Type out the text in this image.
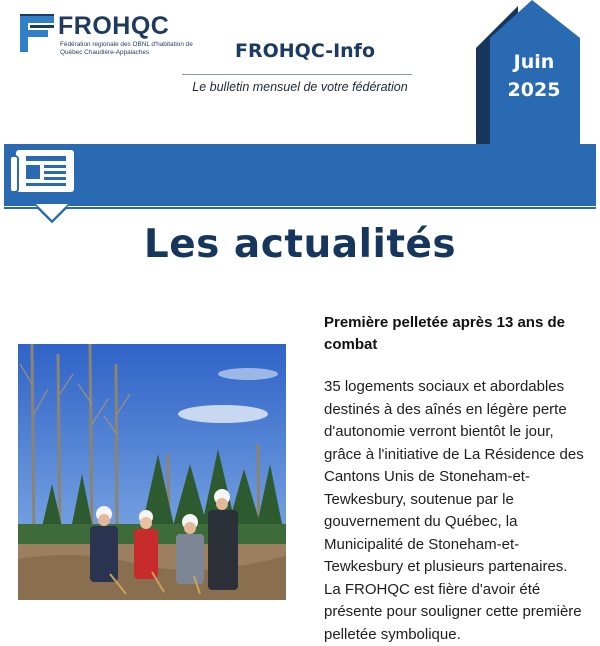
FROHQC
Fédération regionale des OBNL d'habitation de Québec Chaudière-Appalaches	FROHQC-Info
Le bulletin mensuel de votre fédération
Juin
2025
Les actualités
Première pelletée après 13 ans de combat
35 logements sociaux et abordables destinés à des aînés en légère perte d'autonomie verront bientôt le jour, grâce à l'initiative de La Résidence des Cantons Unis de Stoneham-et-Tewkesbury, soutenue par le gouvernement du Québec, la Municipalité de Stoneham-et-Tewkesbury et plusieurs partenaires. La FROHQC est fière d'avoir été présente pour souligner cette première pelletée symbolique.
